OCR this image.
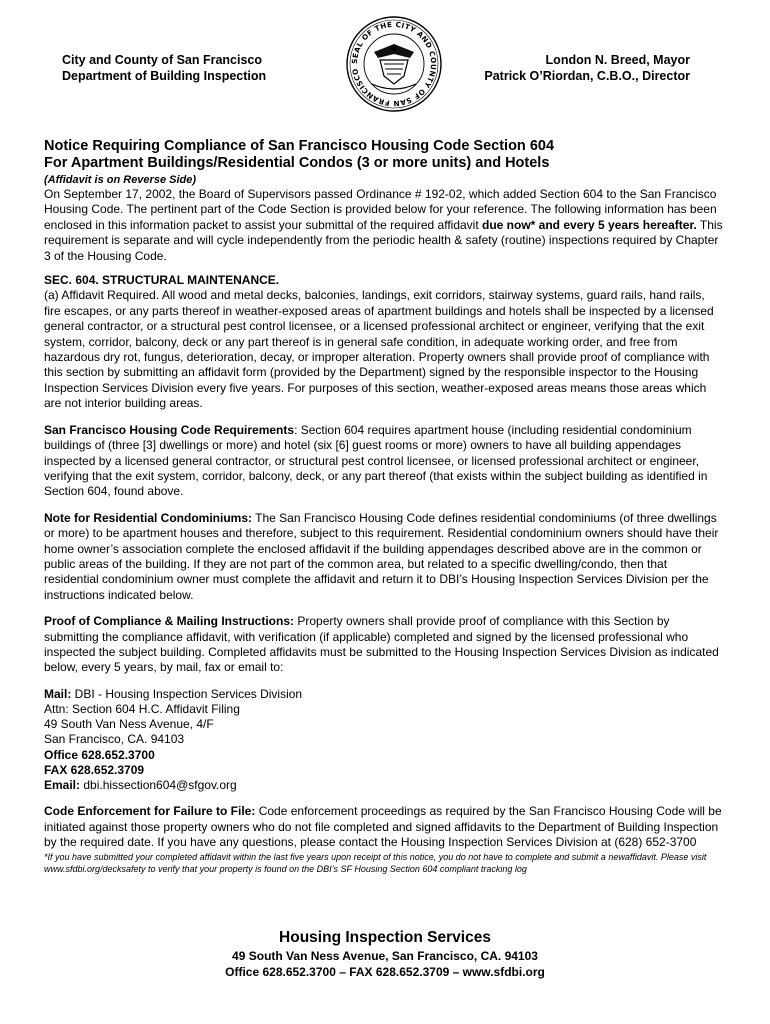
City and County of San Francisco
Department of Building Inspection
SEAL OF THE CITY AND COUNTY OF SAN FRANCISCO
London N. Breed, Mayor
Patrick O’Riordan, C.B.O., Director
Notice Requiring Compliance of San Francisco Housing Code Section 604
For Apartment Buildings/Residential Condos (3 or more units) and Hotels
(Affidavit is on Reverse Side)

On September 17, 2002, the Board of Supervisors passed Ordinance # 192-02, which added Section 604 to the San Francisco Housing Code. The pertinent part of the Code Section is provided below for your reference. The following information has been enclosed in this information packet to assist your submittal of the required affidavit due now* and every 5 years hereafter. This requirement is separate and will cycle independently from the periodic health & safety (routine) inspections required by Chapter 3 of the Housing Code.

SEC. 604. STRUCTURAL MAINTENANCE.

(a) Affidavit Required. All wood and metal decks, balconies, landings, exit corridors, stairway systems, guard rails, hand rails, fire escapes, or any parts thereof in weather-exposed areas of apartment buildings and hotels shall be inspected by a licensed general contractor, or a structural pest control licensee, or a licensed professional architect or engineer, verifying that the exit system, corridor, balcony, deck or any part thereof is in general safe condition, in adequate working order, and free from hazardous dry rot, fungus, deterioration, decay, or improper alteration. Property owners shall provide proof of compliance with this section by submitting an affidavit form (provided by the Department) signed by the responsible inspector to the Housing Inspection Services Division every five years. For purposes of this section, weather-exposed areas means those areas which are not interior building areas.

San Francisco Housing Code Requirements: Section 604 requires apartment house (including residential condominium buildings of (three [3] dwellings or more) and hotel (six [6] guest rooms or more) owners to have all building appendages inspected by a licensed general contractor, or structural pest control licensee, or licensed professional architect or engineer, verifying that the exit system, corridor, balcony, deck, or any part thereof (that exists within the subject building as identified in Section 604, found above.

Note for Residential Condominiums: The San Francisco Housing Code defines residential condominiums (of three dwellings or more) to be apartment houses and therefore, subject to this requirement. Residential condominium owners should have their home owner’s association complete the enclosed affidavit if the building appendages described above are in the common or public areas of the building. If they are not part of the common area, but related to a specific dwelling/condo, then that residential condominium owner must complete the affidavit and return it to DBI’s Housing Inspection Services Division per the instructions indicated below.

Proof of Compliance & Mailing Instructions: Property owners shall provide proof of compliance with this Section by submitting the compliance affidavit, with verification (if applicable) completed and signed by the licensed professional who inspected the subject building. Completed affidavits must be submitted to the Housing Inspection Services Division as indicated below, every 5 years, by mail, fax or email to:

Mail: DBI - Housing Inspection Services Division

Attn: Section 604 H.C. Affidavit Filing

49 South Van Ness Avenue, 4/F

San Francisco, CA. 94103

Office 628.652.3700

FAX 628.652.3709

Email: dbi.hissection604@sfgov.org

Code Enforcement for Failure to File: Code enforcement proceedings as required by the San Francisco Housing Code will be initiated against those property owners who do not file completed and signed affidavits to the Department of Building Inspection by the required date. If you have any questions, please contact the Housing Inspection Services Division at (628) 652-3700

*If you have submitted your completed affidavit within the last five years upon receipt of this notice, you do not have to complete and submit a newaffidavit. Please visit www.sfdbi.org/decksafety to verify that your property is found on the DBI’s SF Housing Section 604 compliant tracking log

Housing Inspection Services
49 South Van Ness Avenue, San Francisco, CA. 94103
Office 628.652.3700 – FAX 628.652.3709 – www.sfdbi.org
